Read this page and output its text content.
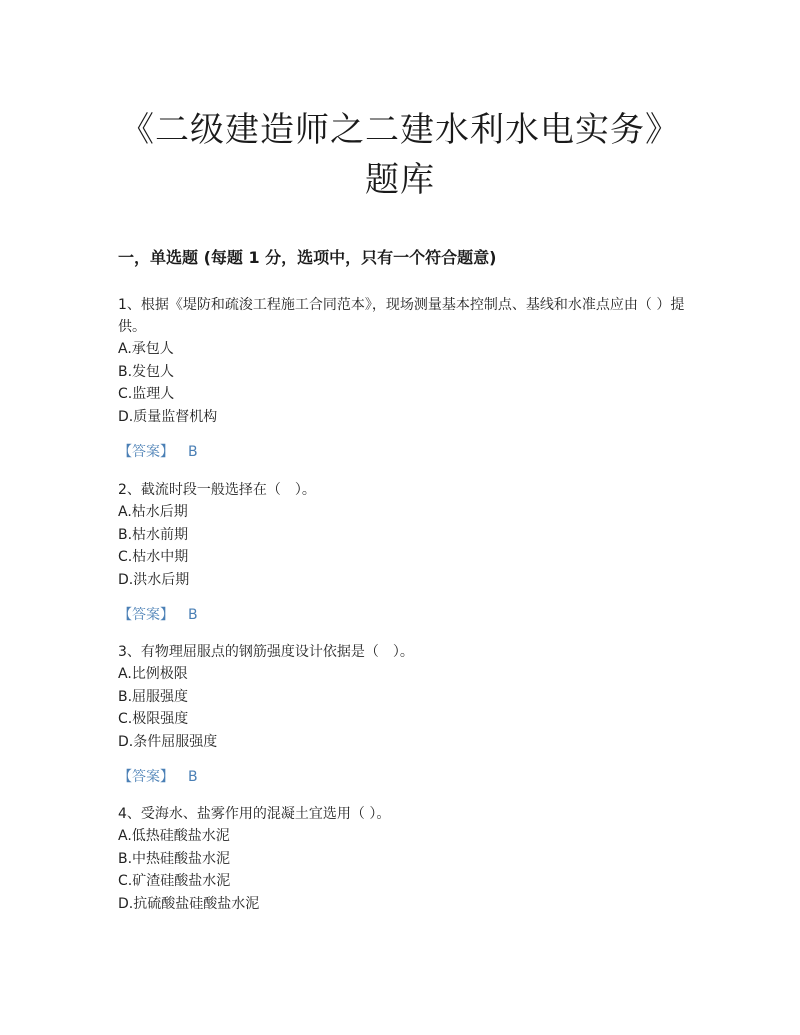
《二级建造师之二建水利水电实务》
题库
一，单选题 (每题 1 分，选项中，只有一个符合题意)

1、根据《堤防和疏浚工程施工合同范本》，现场测量基本控制点、基线和水准点应由（ ）提供。

A.承包人

B.发包人

C.监理人

D.质量监督机构

【答案】 B

2、截流时段一般选择在（　）。

A.枯水后期

B.枯水前期

C.枯水中期

D.洪水后期

【答案】 B

3、有物理屈服点的钢筋强度设计依据是（　）。

A.比例极限

B.屈服强度

C.极限强度

D.条件屈服强度

【答案】 B

4、受海水、盐雾作用的混凝土宜选用（ ）。

A.低热硅酸盐水泥

B.中热硅酸盐水泥

C.矿渣硅酸盐水泥

D.抗硫酸盐硅酸盐水泥
